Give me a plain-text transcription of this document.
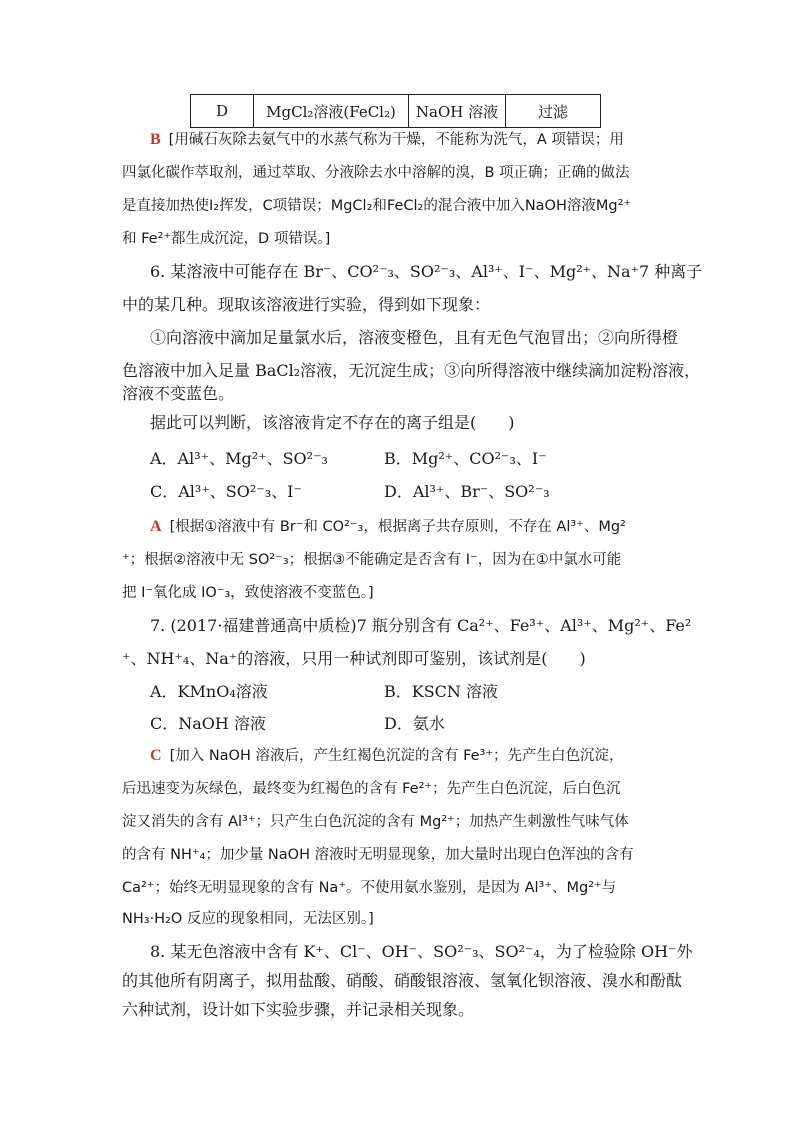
D	MgCl₂溶液(FeCl₂)	NaOH 溶液	过滤
B [用碱石灰除去氨气中的水蒸气称为干燥，不能称为洗气，A 项错误；用
四氯化碳作萃取剂，通过萃取、分液除去水中溶解的溴，B 项正确；正确的做法
是直接加热使I₂挥发，C项错误；MgCl₂和FeCl₂的混合液中加入NaOH溶液Mg²⁺
和 Fe²⁺都生成沉淀，D 项错误。]
6. 某溶液中可能存在 Br⁻、CO²⁻₃、SO²⁻₃、Al³⁺、I⁻、Mg²⁺、Na⁺7 种离子
中的某几种。现取该溶液进行实验，得到如下现象：
①向溶液中滴加足量氯水后，溶液变橙色，且有无色气泡冒出；②向所得橙
色溶液中加入足量 BaCl₂溶液，无沉淀生成；③向所得溶液中继续滴加淀粉溶液，
溶液不变蓝色。
据此可以判断，该溶液肯定不存在的离子组是(　　)
A．Al³⁺、Mg²⁺、SO²⁻₃	B．Mg²⁺、CO²⁻₃、I⁻
C．Al³⁺、SO²⁻₃、I⁻	D．Al³⁺、Br⁻、SO²⁻₃
A [根据①溶液中有 Br⁻和 CO²⁻₃，根据离子共存原则，不存在 Al³⁺、Mg²
⁺；根据②溶液中无 SO²⁻₃；根据③不能确定是否含有 I⁻，因为在①中氯水可能
把 I⁻氧化成 IO⁻₃，致使溶液不变蓝色。]
7. (2017·福建普通高中质检)7 瓶分别含有 Ca²⁺、Fe³⁺、Al³⁺、Mg²⁺、Fe²
⁺、NH⁺₄、Na⁺的溶液，只用一种试剂即可鉴别，该试剂是(　　)
A．KMnO₄溶液	B．KSCN 溶液
C．NaOH 溶液	D．氨水
C [加入 NaOH 溶液后，产生红褐色沉淀的含有 Fe³⁺；先产生白色沉淀，
后迅速变为灰绿色，最终变为红褐色的含有 Fe²⁺；先产生白色沉淀，后白色沉
淀又消失的含有 Al³⁺；只产生白色沉淀的含有 Mg²⁺；加热产生刺激性气味气体
的含有 NH⁺₄；加少量 NaOH 溶液时无明显现象，加大量时出现白色浑浊的含有
Ca²⁺；始终无明显现象的含有 Na⁺。不使用氨水鉴别，是因为 Al³⁺、Mg²⁺与
NH₃·H₂O 反应的现象相同，无法区别。]
8. 某无色溶液中含有 K⁺、Cl⁻、OH⁻、SO²⁻₃、SO²⁻₄，为了检验除 OH⁻外
的其他所有阴离子，拟用盐酸、硝酸、硝酸银溶液、氢氧化钡溶液、溴水和酚酞
六种试剂，设计如下实验步骤，并记录相关现象。
